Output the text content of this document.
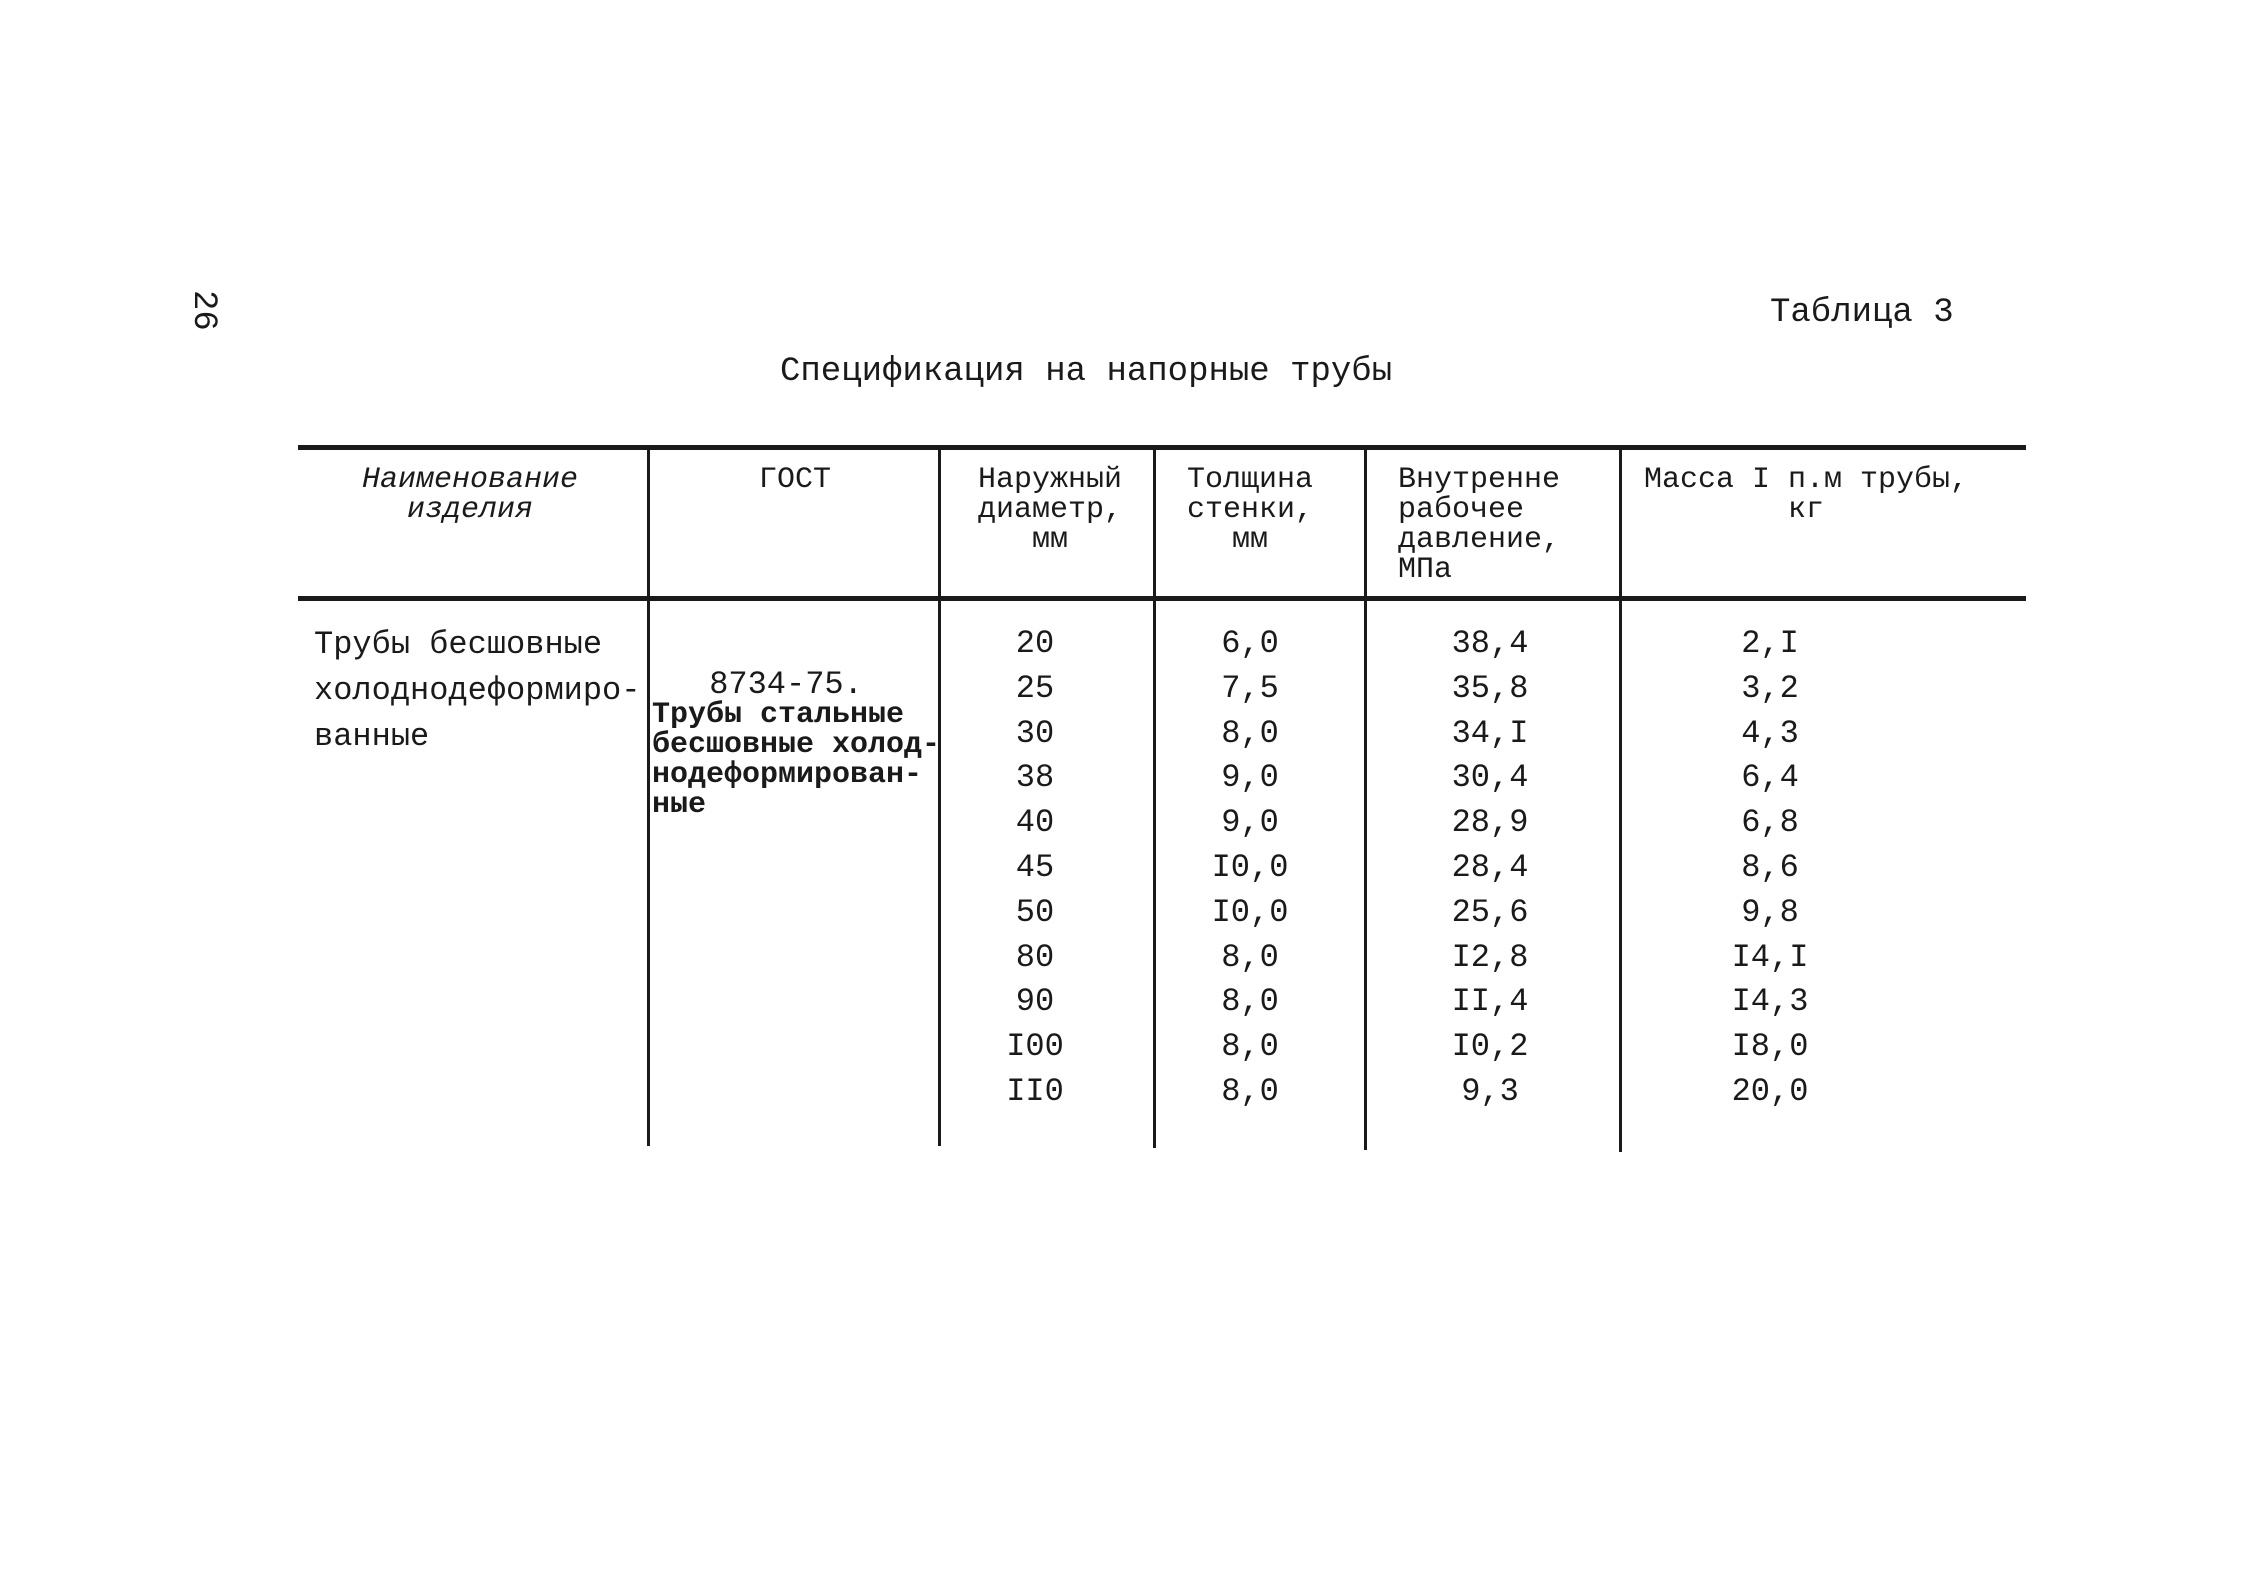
26	Таблица 3
Спецификация на напорные трубы
Наименование
изделия
ГОСТ	Наружный
диаметр,
мм
Толщина
стенки,
мм
Внутренне
рабочее
давление,
МПа
Масса I п.м трубы,
кг
Трубы бесшовные
холоднодеформиро-
ванные
8734-75.
Трубы стальные
бесшовные холод-
нодеформирован-
ные
20
25
30
38
40
45
50
80
90
I00
II0
6,0
7,5
8,0
9,0
9,0
I0,0
I0,0
8,0
8,0
8,0
8,0
38,4
35,8
34,I
30,4
28,9
28,4
25,6
I2,8
II,4
I0,2
9,3
2,I
3,2
4,3
6,4
6,8
8,6
9,8
I4,I
I4,3
I8,0
20,0
